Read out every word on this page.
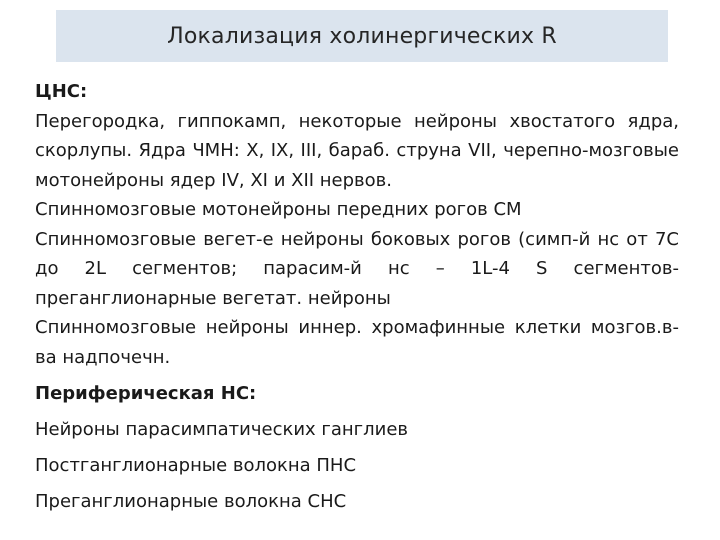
Локализация холинергических R
ЦНС:
Перегородка, гиппокамп, некоторые нейроны хвостатого ядра, скорлупы. Ядра ЧМН: X, IX, III, бараб. струна VII, черепно-мозговые мотонейроны ядер IV, XI и XII нервов.
Спинномозговые мотонейроны передних рогов СМ
Спинномозговые вегет-е нейроны боковых рогов (симп-й нс от 7С до 2L сегментов; парасим-й нс – 1L-4 S сегментов-преганглионарные вегетат. нейроны
Спинномозговые нейроны иннер. хромафинные клетки мозгов.в-ва надпочечн.
Периферическая НС:
Нейроны парасимпатических ганглиев
Постганглионарные волокна ПНС
Преганглионарные волокна СНС
